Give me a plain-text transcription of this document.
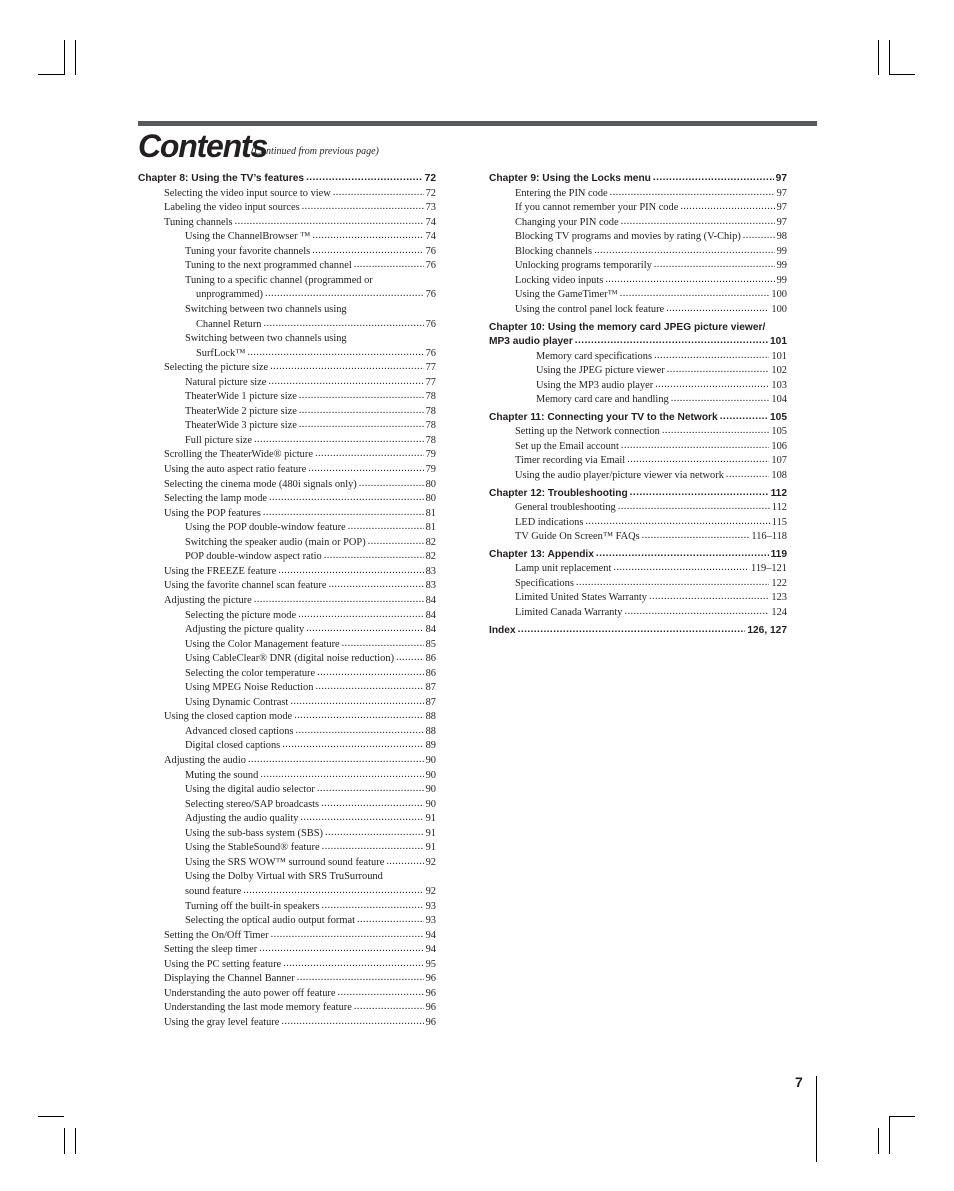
Contents
(Continued from previous page)
Chapter 8: Using the TV’s features .....	72
Selecting the video input source to view .....	72
Labeling the video input sources .....	73
Tuning channels .....	74
Using the ChannelBrowser ™ .....	74
Tuning your favorite channels .....	76
Tuning to the next programmed channel .....	76
Tuning to a specific channel (programmed or
unprogrammed) .....	76
Switching between two channels using
Channel Return .....	76
Switching between two channels using
SurfLock™ .....	76
Selecting the picture size .....	77
Natural picture size .....	77
TheaterWide 1 picture size .....	78
TheaterWide 2 picture size .....	78
TheaterWide 3 picture size .....	78
Full picture size .....	78
Scrolling the TheaterWide® picture .....	79
Using the auto aspect ratio feature .....	79
Selecting the cinema mode (480i signals only) .....	80
Selecting the lamp mode .....	80
Using the POP features .....	81
Using the POP double-window feature .....	81
Switching the speaker audio (main or POP) .....	82
POP double-window aspect ratio .....	82
Using the FREEZE feature .....	83
Using the favorite channel scan feature .....	83
Adjusting the picture .....	84
Selecting the picture mode .....	84
Adjusting the picture quality .....	84
Using the Color Management feature .....	85
Using CableClear® DNR (digital noise reduction) .....	86
Selecting the color temperature .....	86
Using MPEG Noise Reduction .....	87
Using Dynamic Contrast .....	87
Using the closed caption mode .....	88
Advanced closed captions .....	88
Digital closed captions .....	89
Adjusting the audio .....	90
Muting the sound .....	90
Using the digital audio selector .....	90
Selecting stereo/SAP broadcasts .....	90
Adjusting the audio quality .....	91
Using the sub-bass system (SBS) .....	91
Using the StableSound® feature .....	91
Using the SRS WOW™ surround sound feature .....	92
Using the Dolby Virtual with SRS TruSurround
sound feature .....	92
Turning off the built-in speakers .....	93
Selecting the optical audio output format .....	93
Setting the On/Off Timer .....	94
Setting the sleep timer .....	94
Using the PC setting feature .....	95
Displaying the Channel Banner .....	96
Understanding the auto power off feature .....	96
Understanding the last mode memory feature .....	96
Using the gray level feature .....	96
Chapter 9: Using the Locks menu .....	97
Entering the PIN code .....	97
If you cannot remember your PIN code .....	97
Changing your PIN code .....	97
Blocking TV programs and movies by rating (V-Chip) .....	98
Blocking channels .....	99
Unlocking programs temporarily .....	99
Locking video inputs .....	99
Using the GameTimer™ .....	100
Using the control panel lock feature .....	100
Chapter 10: Using the memory card JPEG picture viewer/
MP3 audio player .....	101
Memory card specifications .....	101
Using the JPEG picture viewer .....	102
Using the MP3 audio player .....	103
Memory card care and handling .....	104
Chapter 11: Connecting your TV to the Network .....	105
Setting up the Network connection .....	105
Set up the Email account .....	106
Timer recording via Email .....	107
Using the audio player/picture viewer via network .....	108
Chapter 12: Troubleshooting .....	112
General troubleshooting .....	112
LED indications .....	115
TV Guide On Screen™ FAQs .....	116–118
Chapter 13: Appendix .....	119
Lamp unit replacement .....	119–121
Specifications .....	122
Limited United States Warranty .....	123
Limited Canada Warranty .....	124
Index .....	126, 127
7
